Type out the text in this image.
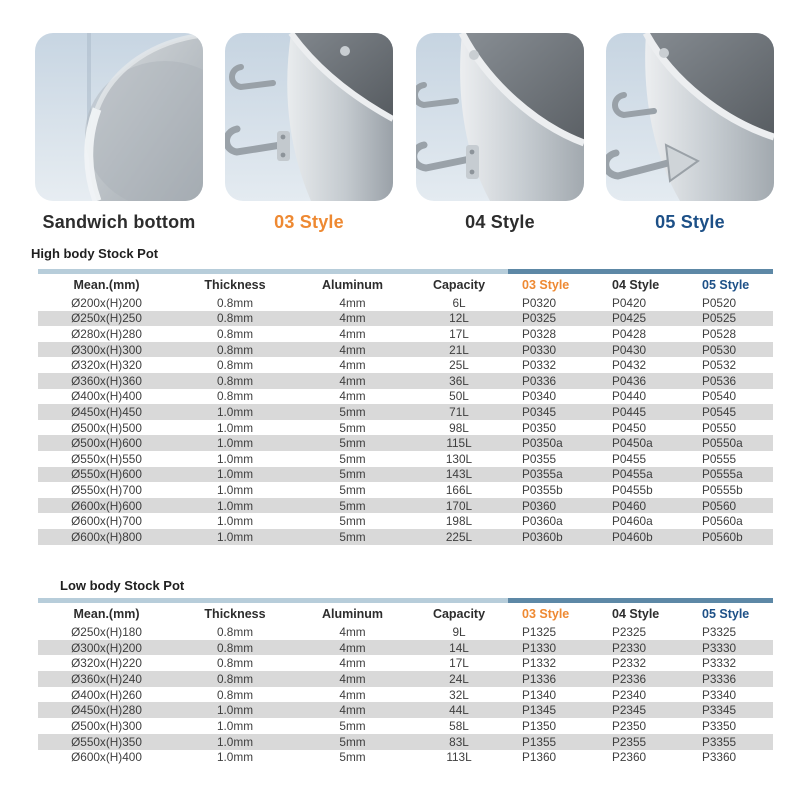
Sandwich bottom	03 Style	04 Style	05 Style
High body Stock Pot
Mean.(mm)	Thickness	Aluminum	Capacity	03 Style	04 Style	05 Style
Ø200x(H)200	0.8mm	4mm	6L	P0320	P0420	P0520
Ø250x(H)250	0.8mm	4mm	12L	P0325	P0425	P0525
Ø280x(H)280	0.8mm	4mm	17L	P0328	P0428	P0528
Ø300x(H)300	0.8mm	4mm	21L	P0330	P0430	P0530
Ø320x(H)320	0.8mm	4mm	25L	P0332	P0432	P0532
Ø360x(H)360	0.8mm	4mm	36L	P0336	P0436	P0536
Ø400x(H)400	0.8mm	4mm	50L	P0340	P0440	P0540
Ø450x(H)450	1.0mm	5mm	71L	P0345	P0445	P0545
Ø500x(H)500	1.0mm	5mm	98L	P0350	P0450	P0550
Ø500x(H)600	1.0mm	5mm	115L	P0350a	P0450a	P0550a
Ø550x(H)550	1.0mm	5mm	130L	P0355	P0455	P0555
Ø550x(H)600	1.0mm	5mm	143L	P0355a	P0455a	P0555a
Ø550x(H)700	1.0mm	5mm	166L	P0355b	P0455b	P0555b
Ø600x(H)600	1.0mm	5mm	170L	P0360	P0460	P0560
Ø600x(H)700	1.0mm	5mm	198L	P0360a	P0460a	P0560a
Ø600x(H)800	1.0mm	5mm	225L	P0360b	P0460b	P0560b
Low body Stock Pot
Mean.(mm)	Thickness	Aluminum	Capacity	03 Style	04 Style	05 Style
Ø250x(H)180	0.8mm	4mm	9L	P1325	P2325	P3325
Ø300x(H)200	0.8mm	4mm	14L	P1330	P2330	P3330
Ø320x(H)220	0.8mm	4mm	17L	P1332	P2332	P3332
Ø360x(H)240	0.8mm	4mm	24L	P1336	P2336	P3336
Ø400x(H)260	0.8mm	4mm	32L	P1340	P2340	P3340
Ø450x(H)280	1.0mm	4mm	44L	P1345	P2345	P3345
Ø500x(H)300	1.0mm	5mm	58L	P1350	P2350	P3350
Ø550x(H)350	1.0mm	5mm	83L	P1355	P2355	P3355
Ø600x(H)400	1.0mm	5mm	113L	P1360	P2360	P3360
